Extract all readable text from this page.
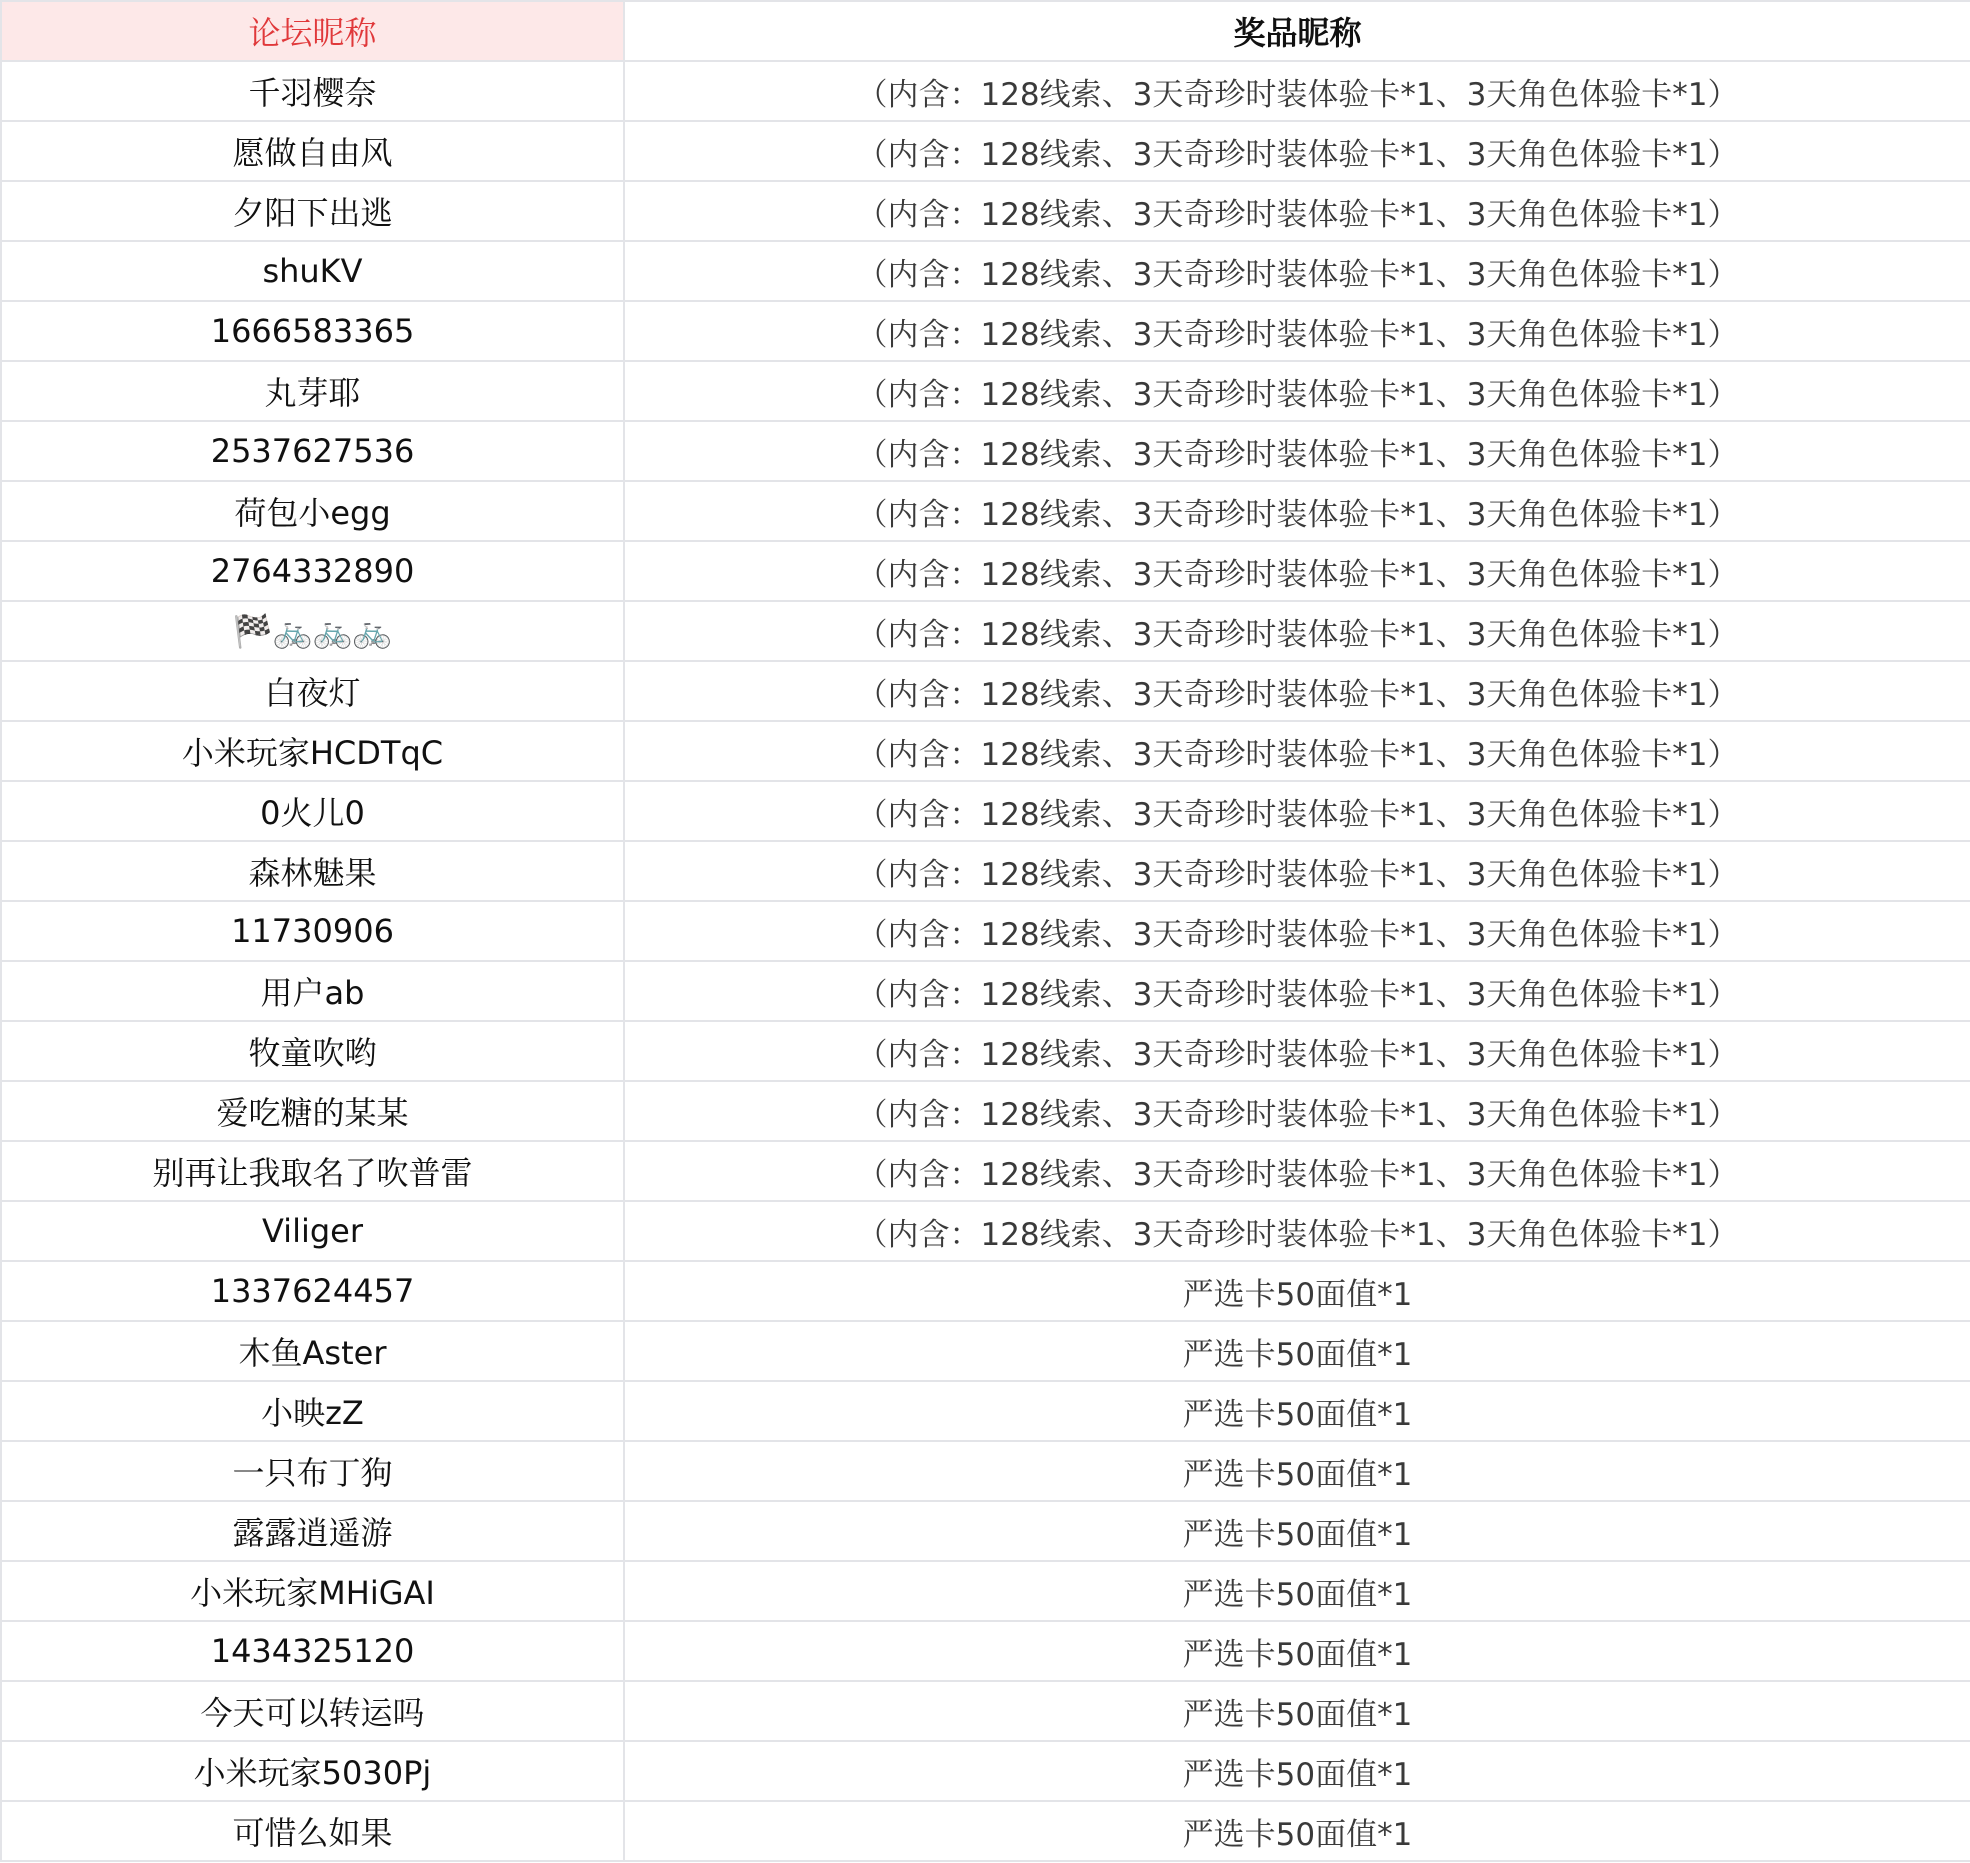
论坛昵称	奖品昵称
千羽樱奈	（内含：128线索、3天奇珍时装体验卡*1、3天角色体验卡*1）
愿做自由风	（内含：128线索、3天奇珍时装体验卡*1、3天角色体验卡*1）
夕阳下出逃	（内含：128线索、3天奇珍时装体验卡*1、3天角色体验卡*1）
shuKV	（内含：128线索、3天奇珍时装体验卡*1、3天角色体验卡*1）
1666583365	（内含：128线索、3天奇珍时装体验卡*1、3天角色体验卡*1）
丸芽耶	（内含：128线索、3天奇珍时装体验卡*1、3天角色体验卡*1）
2537627536	（内含：128线索、3天奇珍时装体验卡*1、3天角色体验卡*1）
荷包小egg	（内含：128线索、3天奇珍时装体验卡*1、3天角色体验卡*1）
2764332890	（内含：128线索、3天奇珍时装体验卡*1、3天角色体验卡*1）
🏁🚲🚲🚲	（内含：128线索、3天奇珍时装体验卡*1、3天角色体验卡*1）
白夜灯	（内含：128线索、3天奇珍时装体验卡*1、3天角色体验卡*1）
小米玩家HCDTqC	（内含：128线索、3天奇珍时装体验卡*1、3天角色体验卡*1）
0火儿0	（内含：128线索、3天奇珍时装体验卡*1、3天角色体验卡*1）
森林魅果	（内含：128线索、3天奇珍时装体验卡*1、3天角色体验卡*1）
11730906	（内含：128线索、3天奇珍时装体验卡*1、3天角色体验卡*1）
用户ab	（内含：128线索、3天奇珍时装体验卡*1、3天角色体验卡*1）
牧童吹哟	（内含：128线索、3天奇珍时装体验卡*1、3天角色体验卡*1）
爱吃糖的某某	（内含：128线索、3天奇珍时装体验卡*1、3天角色体验卡*1）
别再让我取名了吹普雷	（内含：128线索、3天奇珍时装体验卡*1、3天角色体验卡*1）
Viliger	（内含：128线索、3天奇珍时装体验卡*1、3天角色体验卡*1）
1337624457	严选卡50面值*1
木鱼Aster	严选卡50面值*1
小映zZ	严选卡50面值*1
一只布丁狗	严选卡50面值*1
露露逍遥游	严选卡50面值*1
小米玩家MHiGAI	严选卡50面值*1
1434325120	严选卡50面值*1
今天可以转运吗	严选卡50面值*1
小米玩家5030Pj	严选卡50面值*1
可惜么如果	严选卡50面值*1
